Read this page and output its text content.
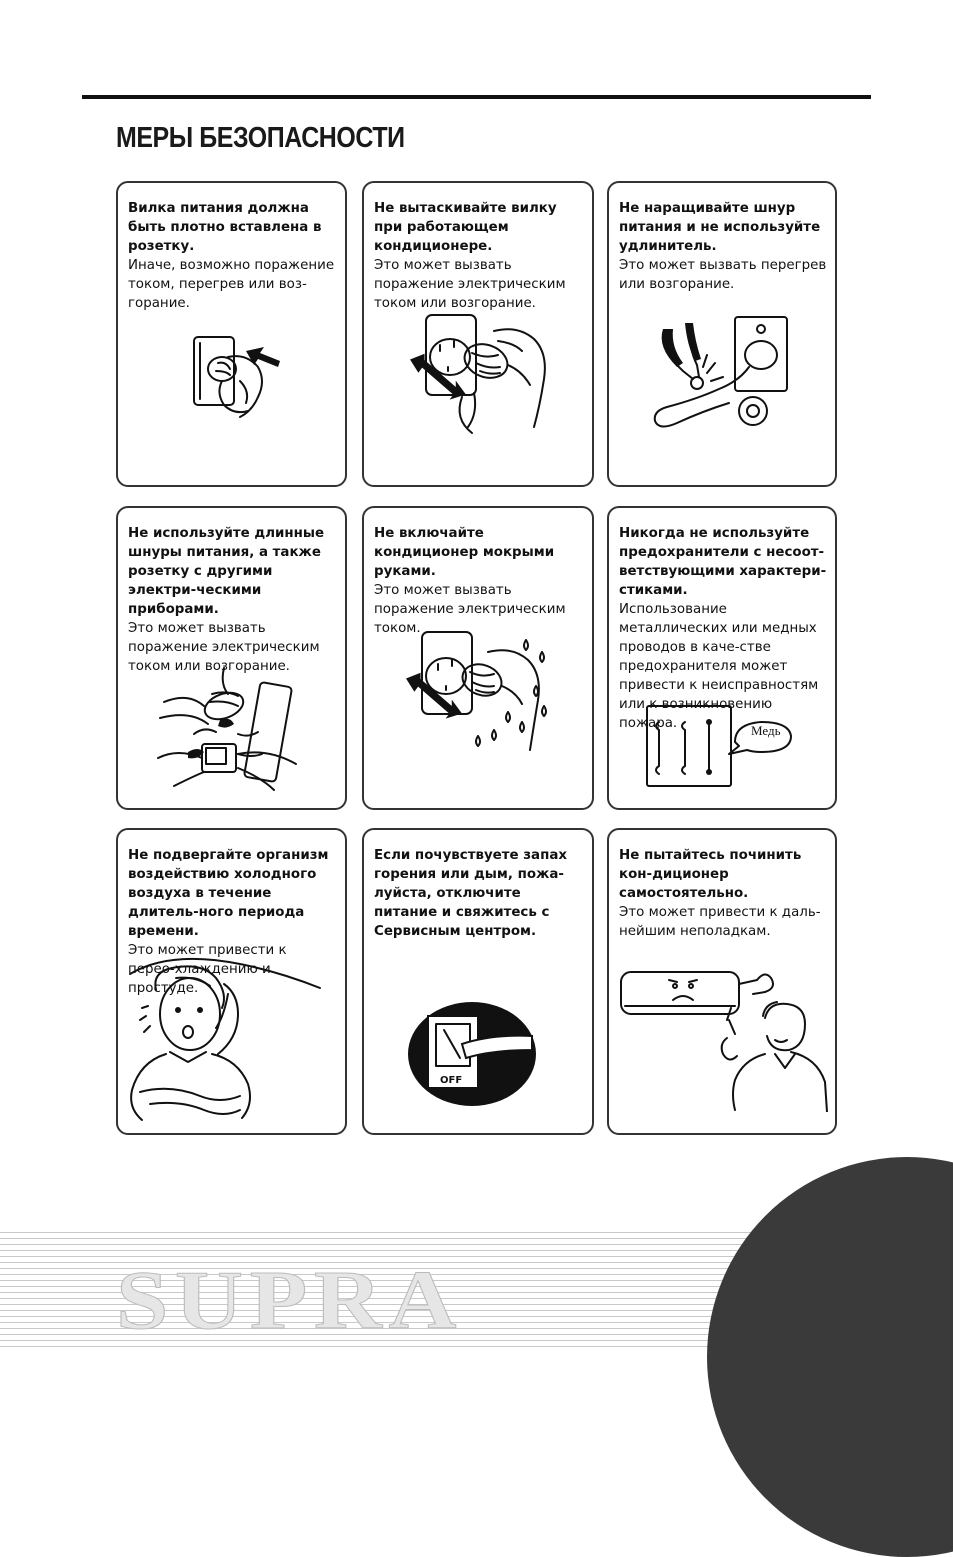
МЕРЫ БЕЗОПАСНОСТИ

Вилка питания должна быть плотно вставлена в розетку.
Иначе, возможно поражение током, перегрев или воз-горание.

Не вытаскивайте вилку при работающем кондиционере.
Это может вызвать поражение электрическим током или возгорание.

Не наращивайте шнур питания и не используйте удлинитель.
Это может вызвать перегрев или возгорание.

Не используйте длинные шнуры питания, а также розетку с другими электри-ческими приборами.
Это может вызвать поражение электрическим током или возгорание.

Не включайте кондиционер мокрыми руками.
Это может вызвать поражение электрическим током.

Никогда не используйте предохранители с несоот-ветствующими характери-стиками.
Использование металлических или медных проводов в каче-стве предохранителя может привести к неисправностям или к возникновению пожара.	Медь

Не подвергайте организм воздействию холодного воздуха в течение длитель-ного периода времени.
Это может привести к перео-хлаждению и простуде.

Если почувствуете запах горения или дым, пожа-луйста, отключите питание и свяжитесь с Сервисным центром.

OFF

Не пытайтесь починить кон-диционер самостоятельно.
Это может привести к даль-нейшим неполадкам.

SUPRA
